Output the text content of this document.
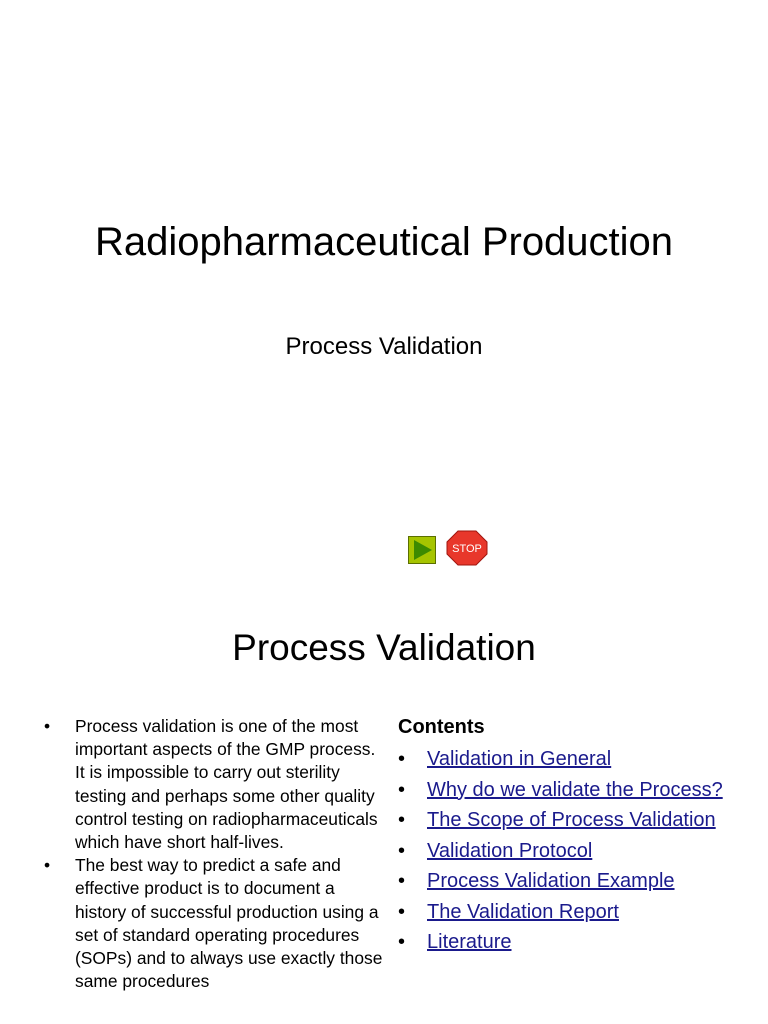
Radiopharmaceutical Production
Process Validation
STOP
Process Validation
• Process validation is one of the most important aspects of the GMP process. It is impossible to carry out sterility testing and perhaps some other quality control testing on radiopharmaceuticals which have short half-lives.
• The best way to predict a safe and effective product is to document a history of successful production using a set of standard operating procedures (SOPs) and to always use exactly those same procedures
Contents
• Validation in General
• Why do we validate the Process?
• The Scope of Process Validation
• Validation Protocol
• Process Validation Example
• The Validation Report
• Literature
